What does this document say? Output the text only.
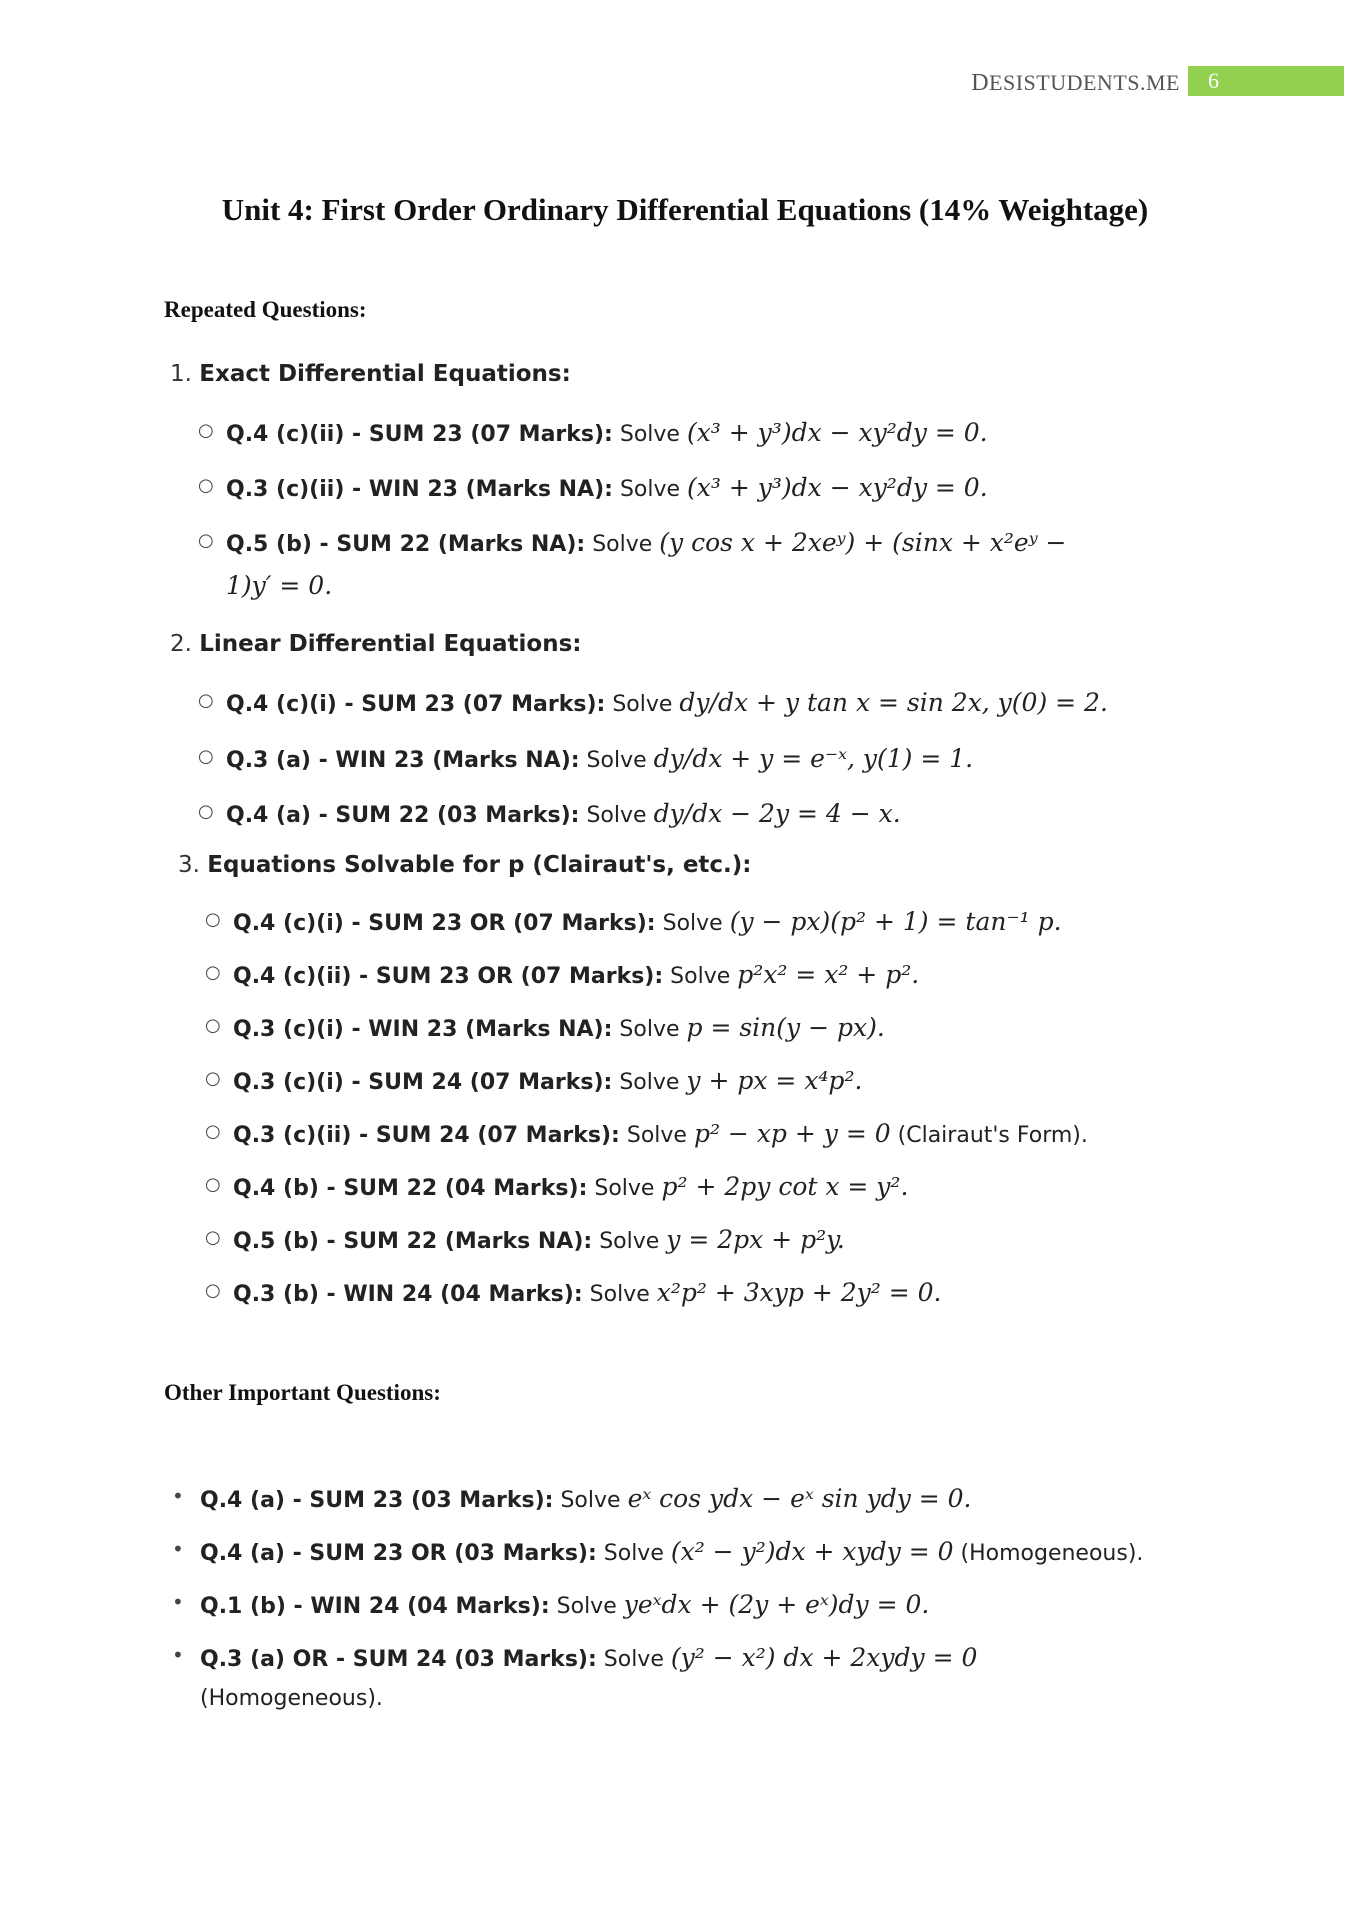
DESISTUDENTS.ME	6
Unit 4: First Order Ordinary Differential Equations (14% Weightage)
Repeated Questions:
1. Exact Differential Equations:
○ Q.4 (c)(ii) - SUM 23 (07 Marks): Solve (x³ + y³)dx − xy²dy = 0.
○ Q.3 (c)(ii) - WIN 23 (Marks NA): Solve (x³ + y³)dx − xy²dy = 0.
○ Q.5 (b) - SUM 22 (Marks NA): Solve (y cos x + 2xeʸ) + (sinx + x²eʸ −
1)y′ = 0.
2. Linear Differential Equations:
○ Q.4 (c)(i) - SUM 23 (07 Marks): Solve dy/dx + y tan x = sin 2x, y(0) = 2.
○ Q.3 (a) - WIN 23 (Marks NA): Solve dy/dx + y = e⁻ˣ, y(1) = 1.
○ Q.4 (a) - SUM 22 (03 Marks): Solve dy/dx − 2y = 4 − x.
3. Equations Solvable for p (Clairaut's, etc.):
○ Q.4 (c)(i) - SUM 23 OR (07 Marks): Solve (y − px)(p² + 1) = tan⁻¹ p.
○ Q.4 (c)(ii) - SUM 23 OR (07 Marks): Solve p²x² = x² + p².
○ Q.3 (c)(i) - WIN 23 (Marks NA): Solve p = sin(y − px).
○ Q.3 (c)(i) - SUM 24 (07 Marks): Solve y + px = x⁴p².
○ Q.3 (c)(ii) - SUM 24 (07 Marks): Solve p² − xp + y = 0 (Clairaut's Form).
○ Q.4 (b) - SUM 22 (04 Marks): Solve p² + 2py cot x = y².
○ Q.5 (b) - SUM 22 (Marks NA): Solve y = 2px + p²y.
○ Q.3 (b) - WIN 24 (04 Marks): Solve x²p² + 3xyp + 2y² = 0.
Other Important Questions:
• Q.4 (a) - SUM 23 (03 Marks): Solve eˣ cos ydx − eˣ sin ydy = 0.
• Q.4 (a) - SUM 23 OR (03 Marks): Solve (x² − y²)dx + xydy = 0 (Homogeneous).
• Q.1 (b) - WIN 24 (04 Marks): Solve yeˣdx + (2y + eˣ)dy = 0.
• Q.3 (a) OR - SUM 24 (03 Marks): Solve (y² − x²) dx + 2xydy = 0
(Homogeneous).
